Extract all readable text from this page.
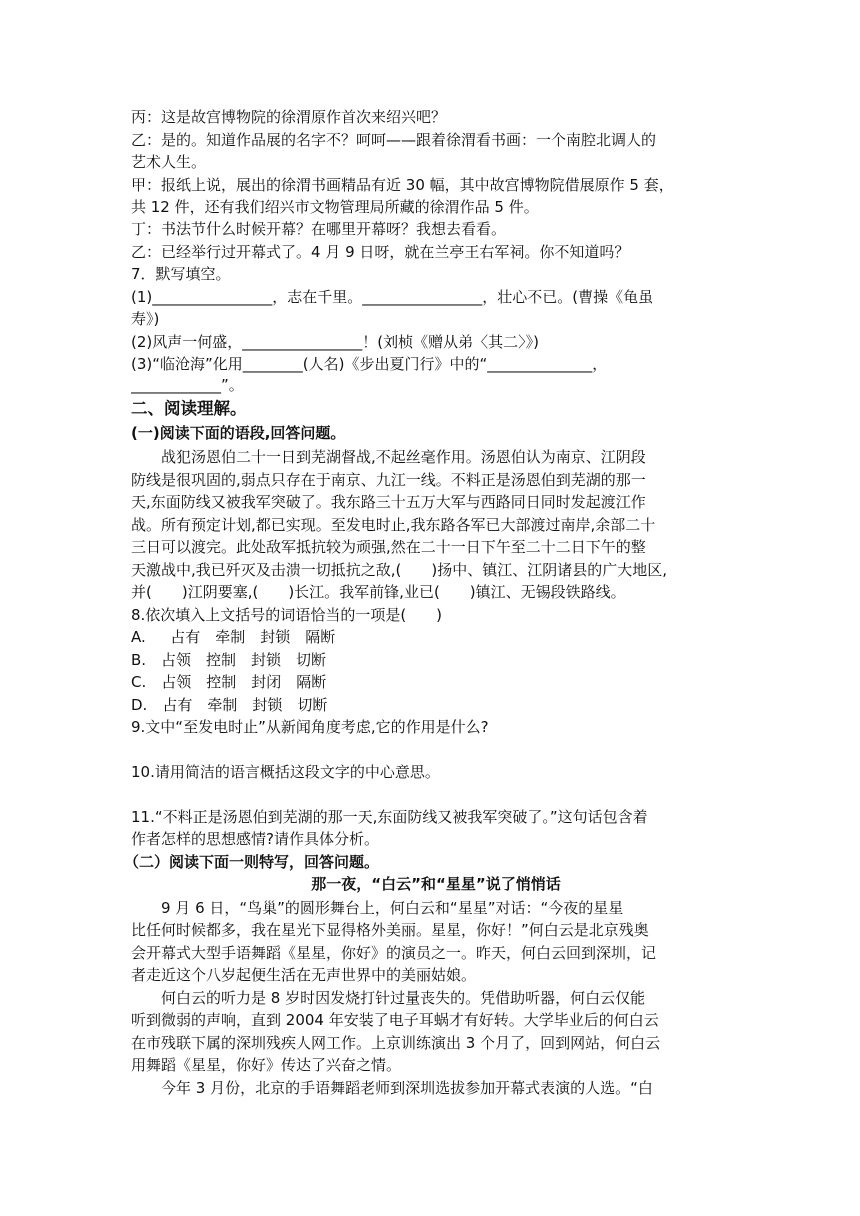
丙：这是故宫博物院的徐渭原作首次来绍兴吧？
乙：是的。知道作品展的名字不？呵呵——跟着徐渭看书画：一个南腔北调人的
艺术人生。
甲：报纸上说，展出的徐渭书画精品有近 30 幅，其中故宫博物院借展原作 5 套，
共 12 件，还有我们绍兴市文物管理局所藏的徐渭作品 5 件。
丁：书法节什么时候开幕？在哪里开幕呀？我想去看看。
乙：已经举行过开幕式了。4 月 9 日呀，就在兰亭王右军祠。你不知道吗？
7．默写填空。
(1)________________，志在千里。________________，壮心不已。(曹操《龟虽
寿》)
(2)风声一何盛，________________！(刘桢《赠从弟〈其二〉》)
(3)“临沧海”化用________(人名)《步出夏门行》中的“______________，
____________”。
二、阅读理解。
(一)阅读下面的语段,回答问题。
战犯汤恩伯二十一日到芜湖督战,不起丝毫作用。汤恩伯认为南京、江阴段
防线是很巩固的,弱点只存在于南京、九江一线。不料正是汤恩伯到芜湖的那一
天,东面防线又被我军突破了。我东路三十五万大军与西路同日同时发起渡江作
战。所有预定计划,都已实现。至发电时止,我东路各军已大部渡过南岸,余部二十
三日可以渡完。此处敌军抵抗较为顽强,然在二十一日下午至二十二日下午的整
天激战中,我已歼灭及击溃一切抵抗之敌,(　　)扬中、镇江、江阴诸县的广大地区,
并(　　)江阴要塞,(　　)长江。我军前锋,业已(　　)镇江、无锡段铁路线。
8.依次填入上文括号的词语恰当的一项是(　　)
A.　  占有　牵制　封锁　隔断
B.　占领　控制　封锁　切断
C.　占领　控制　封闭　隔断
D.　占有　牵制　封锁　切断
9.文中“至发电时止”从新闻角度考虑,它的作用是什么?
10.请用简洁的语言概括这段文字的中心意思。
11.“不料正是汤恩伯到芜湖的那一天,东面防线又被我军突破了。”这句话包含着
作者怎样的思想感情?请作具体分析。
（二）阅读下面一则特写，回答问题。
那一夜，“白云”和“星星”说了悄悄话
9 月 6 日，“鸟巢”的圆形舞台上，何白云和“星星”对话：“今夜的星星
比任何时候都多，我在星光下显得格外美丽。星星，你好！”何白云是北京残奥
会开幕式大型手语舞蹈《星星，你好》的演员之一。昨天，何白云回到深圳，记
者走近这个八岁起便生活在无声世界中的美丽姑娘。
何白云的听力是 8 岁时因发烧打针过量丧失的。凭借助听器，何白云仅能
听到微弱的声响，直到 2004 年安装了电子耳蜗才有好转。大学毕业后的何白云
在市残联下属的深圳残疾人网工作。上京训练演出 3 个月了，回到网站，何白云
用舞蹈《星星，你好》传达了兴奋之情。
今年 3 月份，北京的手语舞蹈老师到深圳选拔参加开幕式表演的人选。“白
